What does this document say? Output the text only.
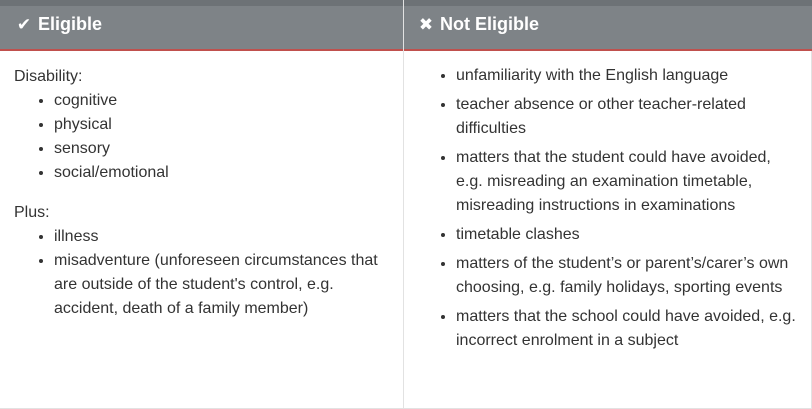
✔ Eligible	✖ Not Eligible
Disability:
• cognitive
• physical
• sensory
• social/emotional
Plus:
• illness
• misadventure (unforeseen circumstances that are outside of the student's control, e.g. accident, death of a family member)
• unfamiliarity with the English language
• teacher absence or other teacher-related difficulties
• matters that the student could have avoided, e.g. misreading an examination timetable, misreading instructions in examinations
• timetable clashes
• matters of the student’s or parent’s/carer’s own choosing, e.g. family holidays, sporting events
• matters that the school could have avoided, e.g. incorrect enrolment in a subject
